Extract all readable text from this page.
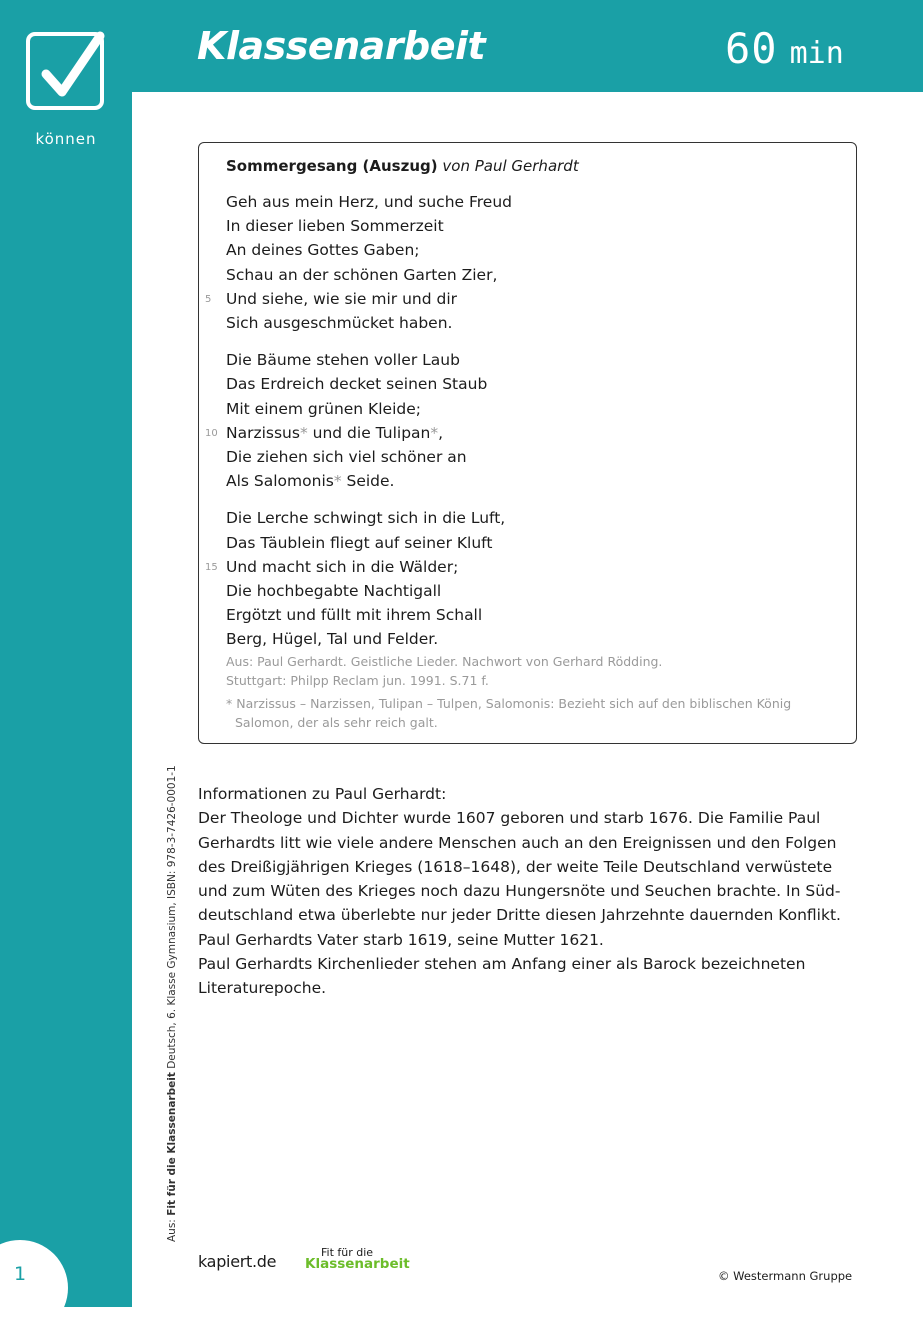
können
Klassenarbeit	60 min
Sommergesang (Auszug) von Paul Gerhardt
Geh aus mein Herz, und suche Freud
In dieser lieben Sommerzeit
An deines Gottes Gaben;
Schau an der schönen Garten Zier,
Und siehe, wie sie mir und dir
5
Sich ausgeschmücket haben.
Die Bäume stehen voller Laub
Das Erdreich decket seinen Staub
Mit einem grünen Kleide;
Narzissus* und die Tulipan*,
10
Die ziehen sich viel schöner an
Als Salomonis* Seide.
Die Lerche schwingt sich in die Luft,
Das Täublein fliegt auf seiner Kluft
Und macht sich in die Wälder;
15
Die hochbegabte Nachtigall
Ergötzt und füllt mit ihrem Schall
Berg, Hügel, Tal und Felder.
Aus: Paul Gerhardt. Geistliche Lieder. Nachwort von Gerhard Rödding.
Stuttgart: Philpp Reclam jun. 1991. S.71 f.
* Narzissus – Narzissen, Tulipan – Tulpen, Salomonis: Bezieht sich auf den biblischen König
Salomon, der als sehr reich galt.
Informationen zu Paul Gerhardt:
Der Theologe und Dichter wurde 1607 geboren und starb 1676. Die Familie Paul
Gerhardts litt wie viele andere Menschen auch an den Ereignissen und den Folgen
des Dreißigjährigen Krieges (1618–1648), der weite Teile Deutschland verwüstete
und zum Wüten des Krieges noch dazu Hungersnöte und Seuchen brachte. In Süd-
deutschland etwa überlebte nur jeder Dritte diesen Jahrzehnte dauernden Konflikt.
Paul Gerhardts Vater starb 1619, seine Mutter 1621.
Paul Gerhardts Kirchenlieder stehen am Anfang einer als Barock bezeichneten
Literaturepoche.
Aus: Fit für die Klassenarbeit Deutsch, 6. Klasse Gymnasium, ISBN: 978-3-7426-0001-1
1
kapiert.de	Fit für die
Klassenarbeit
© Westermann Gruppe
